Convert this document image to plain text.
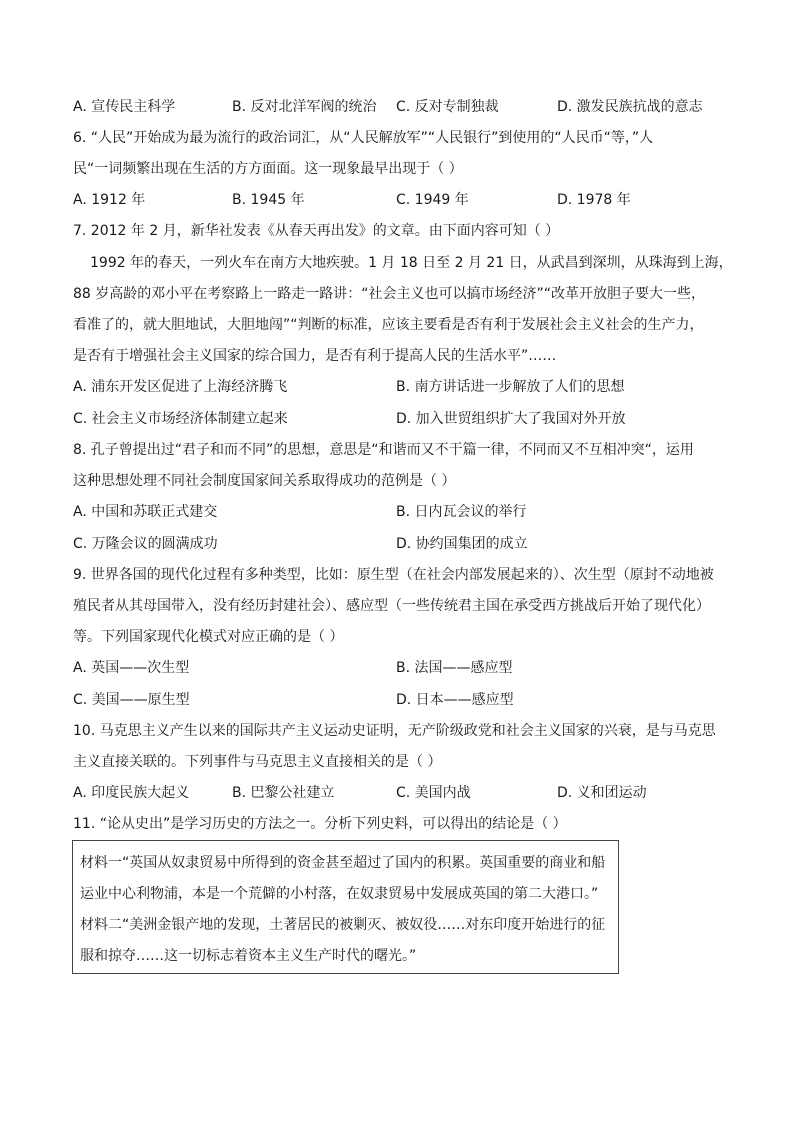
A. 宣传民主科学	B. 反对北洋军阀的统治 C. 反对专制独裁	D. 激发民族抗战的意志
6. “人民”开始成为最为流行的政治词汇，从“人民解放军”“人民银行”到使用的“人民币“等，”人
民“一词频繁出现在生活的方方面面。这一现象最早出现于（ ）
A. 1912 年	B. 1945 年	C. 1949 年	D. 1978 年
7. 2012 年 2 月，新华社发表《从春天再出发》的文章。由下面内容可知（ ）
1992 年的春天，一列火车在南方大地疾驶。1 月 18 日至 2 月 21 日，从武昌到深圳，从珠海到上海，
88 岁高龄的邓小平在考察路上一路走一路讲：“社会主义也可以搞市场经济”“改革开放胆子要大一些，
看准了的，就大胆地试，大胆地闯”“判断的标准，应该主要看是否有利于发展社会主义社会的生产力，
是否有于增强社会主义国家的综合国力，是否有利于提高人民的生活水平”……
A. 浦东开发区促进了上海经济腾飞	B. 南方讲话进一步解放了人们的思想
C. 社会主义市场经济体制建立起来	D. 加入世贸组织扩大了我国对外开放
8. 孔子曾提出过“君子和而不同”的思想，意思是“和谐而又不干篇一律，不同而又不互相冲突“，运用
这种思想处理不同社会制度国家间关系取得成功的范例是（ ）
A. 中国和苏联正式建交	B. 日内瓦会议的举行
C. 万隆会议的圆满成功	D. 协约国集团的成立
9. 世界各国的现代化过程有多种类型，比如：原生型（在社会内部发展起来的）、次生型（原封不动地被
殖民者从其母国带入，没有经历封建社会）、感应型（一些传统君主国在承受西方挑战后开始了现代化）
等。下列国家现代化模式对应正确的是（ ）
A. 英国——次生型	B. 法国——感应型
C. 美国——原生型	D. 日本——感应型
10. 马克思主义产生以来的国际共产主义运动史证明，无产阶级政党和社会主义国家的兴衰，是与马克思
主义直接关联的。下列事件与马克思主义直接相关的是（ ）
A. 印度民族大起义	B. 巴黎公社建立	C. 美国内战	D. 义和团运动
11. “论从史出”是学习历史的方法之一。分析下列史料，可以得出的结论是（ ）
材料一“英国从奴隶贸易中所得到的资金甚至超过了国内的积累。英国重要的商业和船
运业中心利物浦，本是一个荒僻的小村落，在奴隶贸易中发展成英国的第二大港口。”
材料二“美洲金银产地的发现，土著居民的被剿灭、被奴役……对东印度开始进行的征
服和掠夺……这一切标志着资本主义生产时代的曙光。”
